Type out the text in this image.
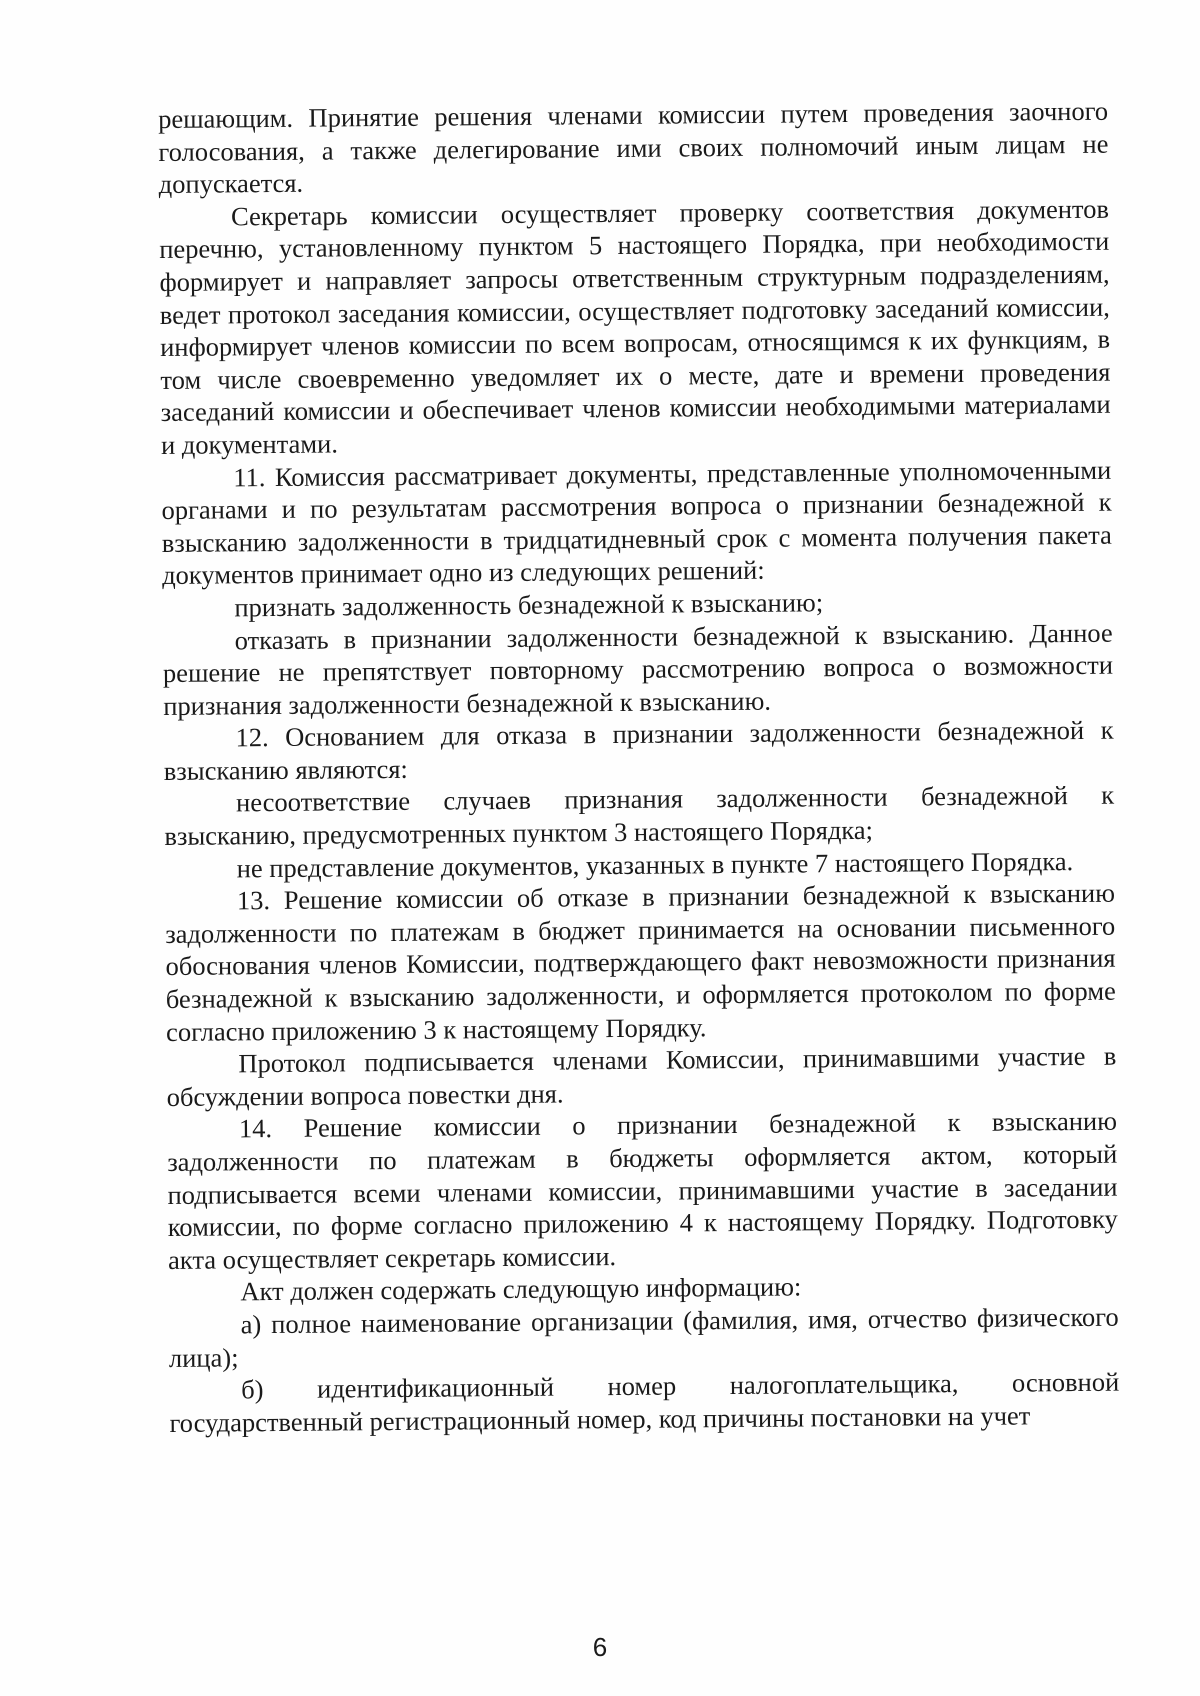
решающим. Принятие решения членами комиссии путем проведения заочного голосования, а также делегирование ими своих полномочий иным лицам не допускается.

Секретарь комиссии осуществляет проверку соответствия документов перечню, установленному пунктом 5 настоящего Порядка, при необходимости формирует и направляет запросы ответственным структурным подразделениям, ведет протокол заседания комиссии, осуществляет подготовку заседаний комиссии, информирует членов комиссии по всем вопросам, относящимся к их функциям, в том числе своевременно уведомляет их о месте, дате и времени проведения заседаний комиссии и обеспечивает членов комиссии необходимыми материалами и документами.

11. Комиссия рассматривает документы, представленные уполномоченными органами и по результатам рассмотрения вопроса о признании безнадежной к взысканию задолженности в тридцатидневный срок с момента получения пакета документов принимает одно из следующих решений:

признать задолженность безнадежной к взысканию;

отказать в признании задолженности безнадежной к взысканию. Данное решение не препятствует повторному рассмотрению вопроса о возможности признания задолженности безнадежной к взысканию.

12. Основанием для отказа в признании задолженности безнадежной к взысканию являются:

несоответствие случаев признания задолженности безнадежной к взысканию, предусмотренных пунктом 3 настоящего Порядка;

не представление документов, указанных в пункте 7 настоящего Порядка.

13. Решение комиссии об отказе в признании безнадежной к взысканию задолженности по платежам в бюджет принимается на основании письменного обоснования членов Комиссии, подтверждающего факт невозможности признания безнадежной к взысканию задолженности, и оформляется протоколом по форме согласно приложению 3 к настоящему Порядку.

Протокол подписывается членами Комиссии, принимавшими участие в обсуждении вопроса повестки дня.

14. Решение комиссии о признании безнадежной к взысканию задолженности по платежам в бюджеты оформляется актом, который подписывается всеми членами комиссии, принимавшими участие в заседании комиссии, по форме согласно приложению 4 к настоящему Порядку. Подготовку акта осуществляет секретарь комиссии.

Акт должен содержать следующую информацию:

а) полное наименование организации (фамилия, имя, отчество физического лица);

б) идентификационный номер налогоплательщика, основной государственный регистрационный номер, код причины постановки на учет

6
